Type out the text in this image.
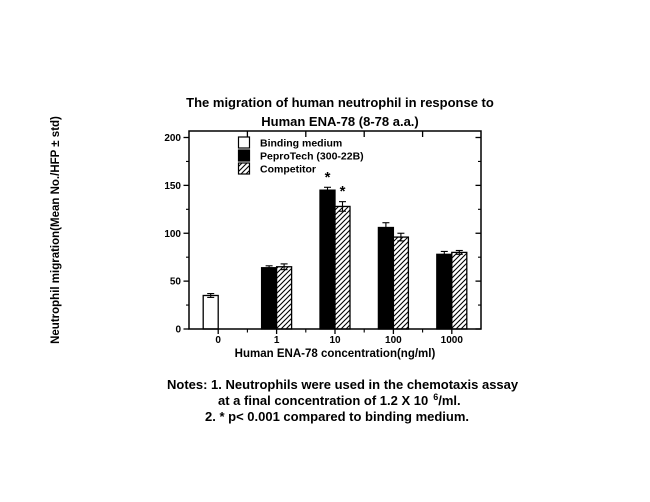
The migration of human neutrophil in response to
Human ENA-78 (8-78 a.a.)
Neutrophil migration(Mean No./HFP ± std)	0
50
100
150
200
0	1	10	100	1000
Binding medium
PeproTech (300-22B)
Competitor *
*
Human ENA-78 concentration(ng/ml)
Notes: 1. Neutrophils were used in the chemotaxis assay
at a final concentration of 1.2 X 10 $^6$/ml.
2. * p< 0.001 compared to binding medium.
